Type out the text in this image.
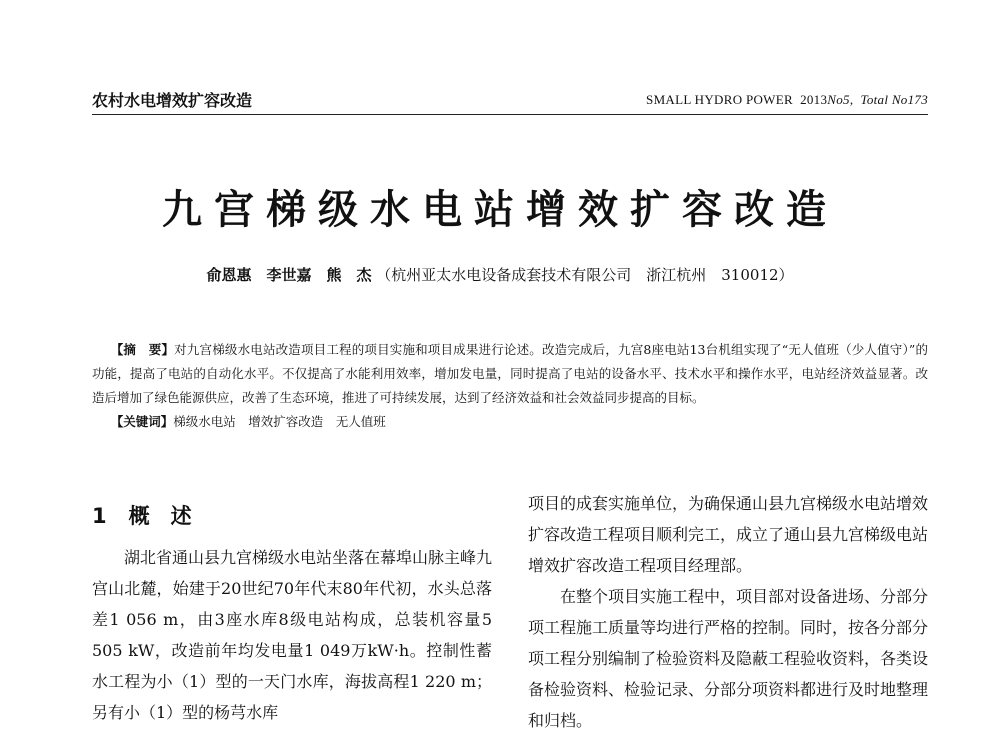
农村水电增效扩容改造	SMALL HYDRO POWER 2013No5,  Total No173
九宫梯级水电站增效扩容改造
俞恩惠　李世嘉　熊　杰 （杭州亚太水电设备成套技术有限公司　浙江杭州　310012）

【摘　要】对九宫梯级水电站改造项目工程的项目实施和项目成果进行论述。改造完成后，九宫8座电站13台机组实现了“无人值班（少人值守）”的功能，提高了电站的自动化水平。不仅提高了水能利用效率，增加发电量，同时提高了电站的设备水平、技术水平和操作水平，电站经济效益显著。改造后增加了绿色能源供应，改善了生态环境，推进了可持续发展，达到了经济效益和社会效益同步提高的目标。

【关键词】梯级水电站　增效扩容改造　无人值班
1 概　述

湖北省通山县九宫梯级水电站坐落在幕埠山脉主峰九宫山北麓，始建于20世纪70年代末80年代初，水头总落差1 056 m，由3座水库8级电站构成，总装机容量5 505 kW，改造前年均发电量1 049万kW·h。控制性蓄水工程为小（1）型的一天门水库，海拔高程1 220 m；另有小（1）型的杨芎水库

项目的成套实施单位，为确保通山县九宫梯级水电站增效扩容改造工程项目顺利完工，成立了通山县九宫梯级电站增效扩容改造工程项目经理部。

在整个项目实施工程中，项目部对设备进场、分部分项工程施工质量等均进行严格的控制。同时，按各分部分项工程分别编制了检验资料及隐蔽工程验收资料，各类设备检验资料、检验记录、分部分项资料都进行及时地整理和归档。
